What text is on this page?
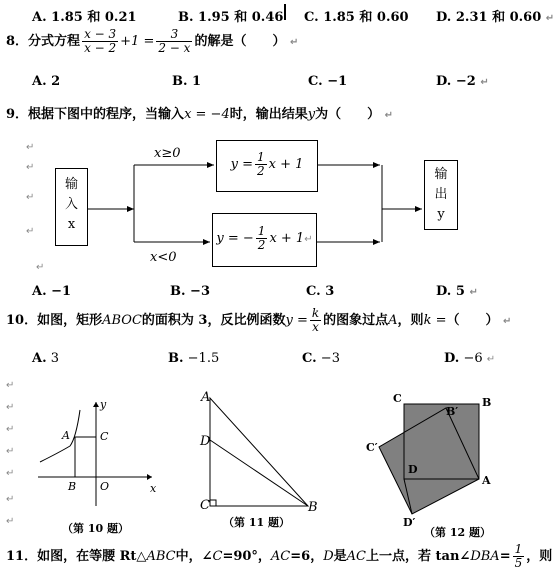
A. 1.85 和 0.21	B. 1.95 和 0.46 C. 1.85 和 0.60 D. 2.31 和 0.60 ↵
8．分式方程 $\frac{x - 3}{x - 2} +1 = \frac{3}{2 - x}$ 的解是（　　） ↵
A. 2	B. 1	C. −1	D. −2 ↵
9．根据下图中的程序，当输入x = −4时，输出结果y为（　　） ↵
↵
↵
↵
↵
↵
输
入
x
x≥0
x<0
$y = \frac{1}{2}$ x + 1
y = − $\frac{1}{2}$ x + 1↵
输
出
y
A. −1	B. −3	C. 3	D. 5 ↵
10．如图，矩形ABOC的面积为 3，反比例函数$y = \frac{k}{x}$ 的图象过点A，则k =（　　） ↵
A. 3	B. −1.5	C. −3	D. −6 ↵
↵
↵
↵
↵
↵
↵
↵
y
x
A	C
B O
（第 10 题）
A
D
C	B
（第 11 题）
C	B
B′
C′
D
A
D′
（第 12 题）
11．如图，在等腰 Rt△ABC中，∠C=90°，AC=6，D是AC上一点，若 tan∠DBA= $\frac{1}{5}$ ，则
